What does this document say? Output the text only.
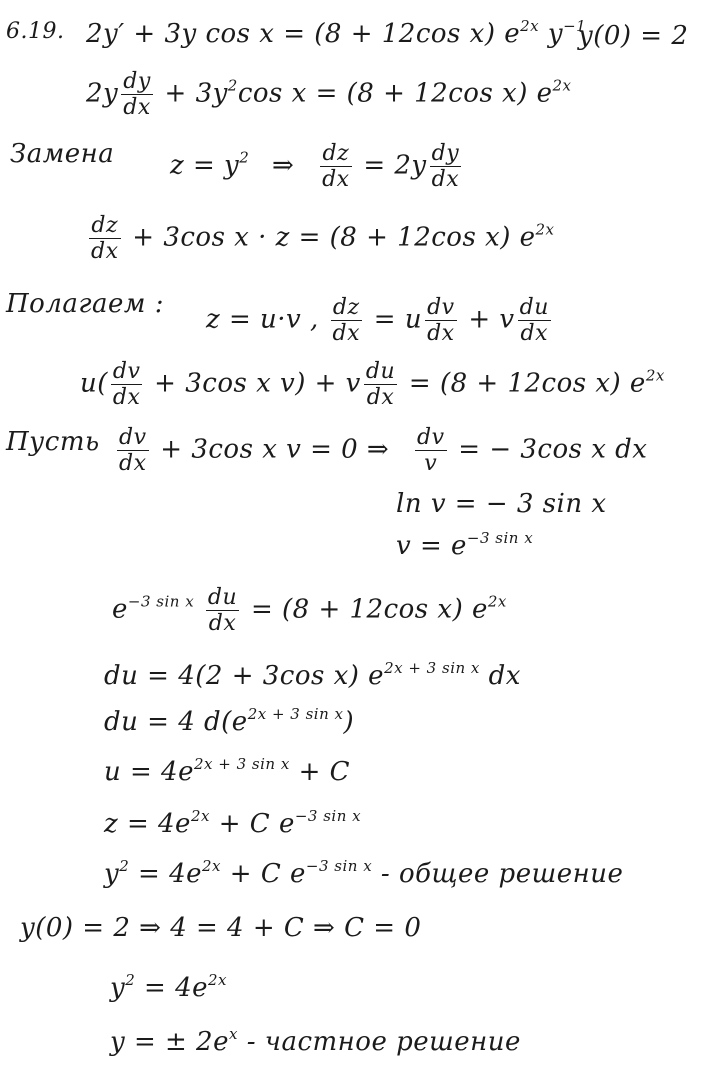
6.19. 2y′ + 3y cos x = (8 + 12cos x) $e^{2x}$ $y^{-1}$
y(0) = 2
$2y \frac{dy}{dx} + 3y^2\cos$ x = (8 + 12cos x) $e^{2x}$
Замена $z = y^2$ ⇒ $\frac{dz}{dx} = 2y \frac{dy}{dx}$
$\frac{dz}{dx} + 3\cos$ x · z = (8 + 12cos x) $e^{2x}$
Полагаем :
z = u·v , $\frac{dz}{dx} = u \frac{dv}{dx} + v \frac{du}{dx}$
$u( \frac{dv}{dx} + 3\cos$ x v) + v $\frac{du}{dx} = (8 + 12\cos$ x) $e^{2x}$
Пусть $\frac{dv}{dx} + 3\cos$ x v = 0 ⇒ $\frac{dv}{v}$ = − 3cos x dx
ln v = − 3 sin x
$v = e^{-3 sin x}$
$e^{-3 sin x} \frac{du}{dx} = (8 + 12\cos$ x) $e^{2x}$
du = 4(2 + 3cos x) $e^{2x + 3 sin x}$ dx
du = 4 $d(e^{2x + 3 sin x})$
$u = 4e^{2x + 3 sin x} + C$
$z = 4e^{2x} + C$ $e^{-3 sin x}$
$y^2 = 4e^{2x} + C$ $e^{-3 sin x}$ - общее решение
y(0) = 2 ⇒ 4 = 4 + C ⇒ C = 0
$y^2 = 4e^{2x}$
y = ± $2e^x$ - частное решение
